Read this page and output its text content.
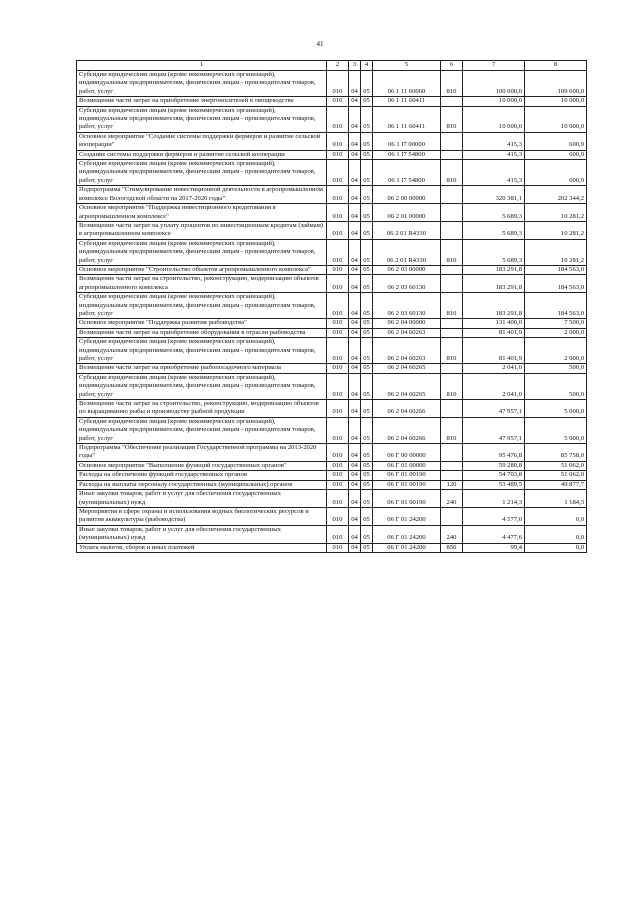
41
1	2	3	4	5	6	7	8
Субсидии юридическим лицам (кроме некоммерческих организаций), индивидуальным предпринимателям, физическим лицам - производителям товаров, работ, услуг	010	04	05	06 1 11 60060	810	100 000,0	109 600,0
Возмещение части затрат на приобретение энергоносителей в овощеводстве	010	04	05	06 1 11 60411		10 000,0	10 000,0
Субсидии юридическим лицам (кроме некоммерческих организаций), индивидуальным предпринимателям, физическим лицам - производителям товаров, работ, услуг	010	04	05	06 1 11 60411	810	10 000,0	10 000,0
Основное мероприятие "Создание системы поддержки фермеров и развитие сельской кооперации"	010	04	05	06 1 I7 00000		415,3	600,9
Создание системы поддержки фермеров и развитие сельской кооперации	010	04	05	06 1 I7 54800		415,3	600,9
Субсидии юридическим лицам (кроме некоммерческих организаций), индивидуальным предпринимателям, физическим лицам - производителям товаров, работ, услуг	010	04	05	06 1 I7 54800	810	415,3	600,9
Подпрограмма "Стимулирование инвестиционной деятельности в агропромышленном комплексе Вологодской области на 2017-2020 годы"	010	04	05	06 2 00 00000		320 381,1	202 344,2
Основное мероприятие "Поддержка инвестиционного кредитования в агропромышленном комплексе"	010	04	05	06 2 01 00000		5 689,3	10 281,2
Возмещение части затрат на уплату процентов по инвестиционным кредитам (займам) в агропромышленном комплексе	010	04	05	06 2 01 R4330		5 689,3	10 281,2
Субсидии юридическим лицам (кроме некоммерческих организаций), индивидуальным предпринимателям, физическим лицам - производителям товаров, работ, услуг	010	04	05	06 2 01 R4330	810	5 689,3	10 281,2
Основное мероприятие "Строительство объектов агропромышленного комплекса"	010	04	05	06 2 03 00000		183 291,8	184 563,0
Возмещение части затрат на строительство, реконструкцию, модернизацию объектов агропромышленного комплекса	010	04	05	06 2 03 60130		183 291,8	184 563,0
Субсидии юридическим лицам (кроме некоммерческих организаций), индивидуальным предпринимателям, физическим лицам - производителям товаров, работ, услуг	010	04	05	06 2 03 60130	810	183 291,8	184 563,0
Основное мероприятие "Поддержка развития рыбоводства"	010	04	05	06 2 04 00000		131 400,0	7 500,0
Возмещение части затрат на приобретение оборудования в отрасли рыбоводства	010	04	05	06 2 04 60263		81 401,9	2 000,0
Субсидии юридическим лицам (кроме некоммерческих организаций), индивидуальным предпринимателям, физическим лицам - производителям товаров, работ, услуг	010	04	05	06 2 04 60263	810	81 401,9	2 000,0
Возмещение части затрат на приобретение рыбопосадочного материала	010	04	05	06 2 04 60265		2 041,0	500,0
Субсидии юридическим лицам (кроме некоммерческих организаций), индивидуальным предпринимателям, физическим лицам - производителям товаров, работ, услуг	010	04	05	06 2 04 60265	810	2 041,0	500,0
Возмещение части затрат на строительство, реконструкцию, модернизацию объектов по выращиванию рыбы и производству рыбной продукции	010	04	05	06 2 04 60266		47 957,1	5 000,0
Субсидии юридическим лицам (кроме некоммерческих организаций), индивидуальным предпринимателям, физическим лицам - производителям товаров, работ, услуг	010	04	05	06 2 04 60266	810	47 957,1	5 000,0
Подпрограмма "Обеспечение реализации Государственной программы на 2013-2020 годы"	010	04	05	06 Г 00 00000		95 476,8	85 758,0
Основное мероприятие "Выполнение функций государственных органов"	010	04	05	06 Г 01 00000		59 280,8	51 062,0
Расходы на обеспечение функций государственных органов	010	04	05	06 Г 01 00190		54 703,8	51 062,0
Расходы на выплаты персоналу государственных (муниципальных) органов	010	04	05	06 Г 01 00190	120	53 489,5	49 877,7
Иные закупки товаров, работ и услуг для обеспечения государственных (муниципальных) нужд	010	04	05	06 Г 01 00190	240	1 214,3	1 184,3
Мероприятия в сфере охраны и использования водных биологических ресурсов и развития аквакультуры (рыбоводства)	010	04	05	06 Г 01 24200		4 577,0	0,0
Иные закупки товаров, работ и услуг для обеспечения государственных (муниципальных) нужд	010	04	05	06 Г 01 24200	240	4 477,6	0,0
Уплата налогов, сборов и иных платежей	010	04	05	06 Г 01 24200	850	99,4	0,0
